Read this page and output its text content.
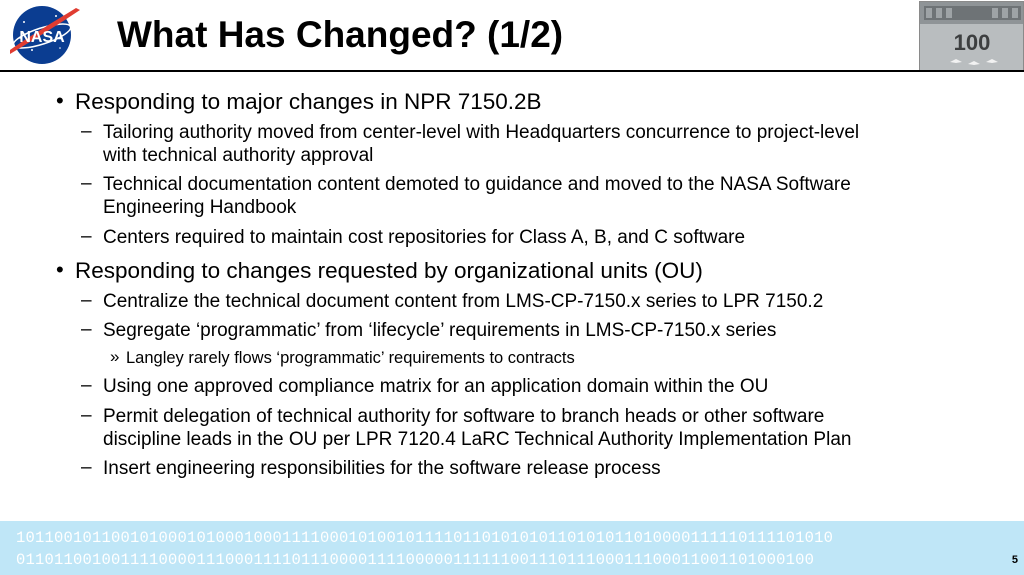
NASA What Has Changed? (1/2)	100
• Responding to major changes in NPR 7150.2B
– Tailoring authority moved from center-level with Headquarters concurrence to project-level
with technical authority approval
– Technical documentation content demoted to guidance and moved to the NASA Software
Engineering Handbook
– Centers required to maintain cost repositories for Class A, B, and C software
• Responding to changes requested by organizational units (OU)
– Centralize the technical document content from LMS-CP-7150.x series to LPR 7150.2
– Segregate ‘programmatic’ from ‘lifecycle’ requirements in LMS-CP-7150.x series
» Langley rarely flows ‘programmatic’ requirements to contracts
– Using one approved compliance matrix for an application domain within the OU
– Permit delegation of technical authority for software to branch heads or other software
discipline leads in the OU per LPR 7120.4 LaRC Technical Authority Implementation Plan
– Insert engineering responsibilities for the software release process
10110010110010100010100010001111000101001011110110101010110101011010000111110111101010
01101100100111100001110001111011100001111000001111110011101110001110001100110100010‍0	5
